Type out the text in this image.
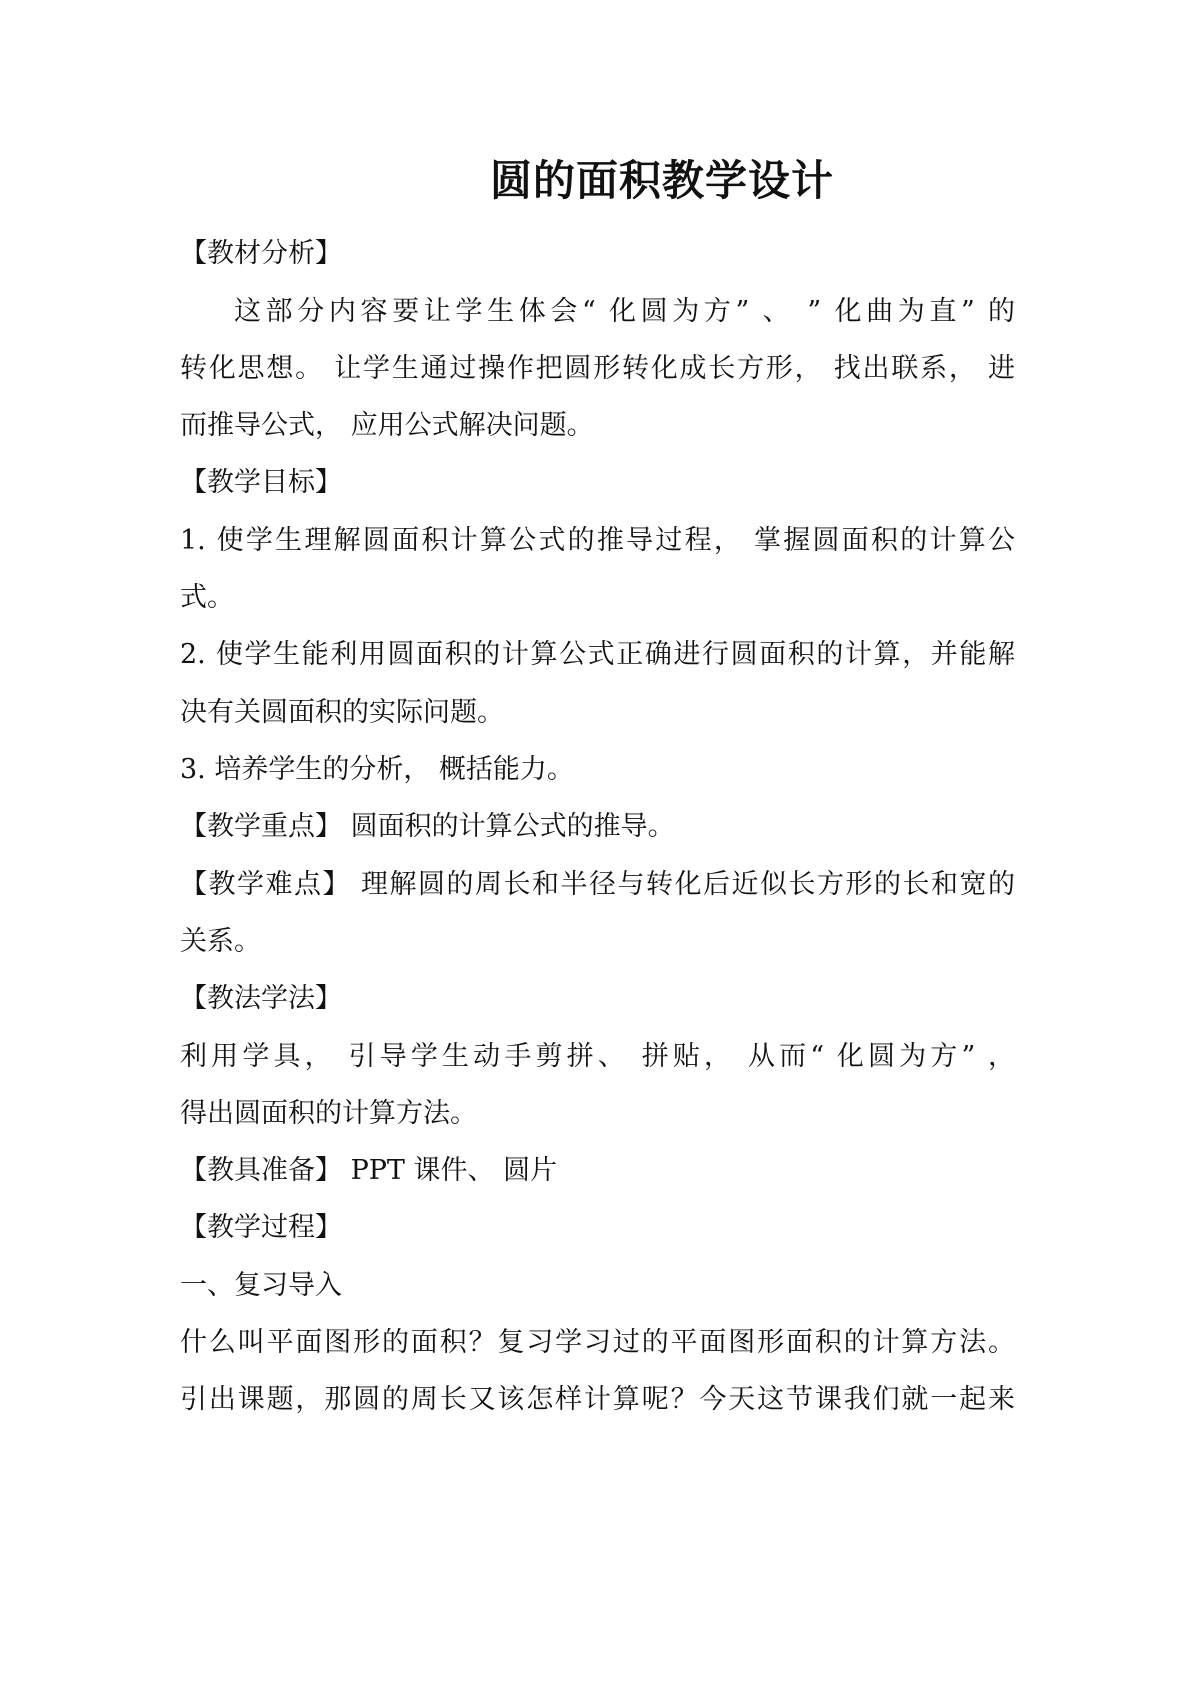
圆的面积教学设计
【教材分析】
这部分内容要让学生体会“ 化圆为方” 、 ” 化曲为直” 的
转化思想。 让学生通过操作把圆形转化成长方形， 找出联系， 进
而推导公式， 应用公式解决问题。
【教学目标】
1. 使学生理解圆面积计算公式的推导过程， 掌握圆面积的计算公
式。
2. 使学生能利用圆面积的计算公式正确进行圆面积的计算，并能解
决有关圆面积的实际问题。
3. 培养学生的分析， 概括能力。
【教学重点】 圆面积的计算公式的推导。
【教学难点】 理解圆的周长和半径与转化后近似长方形的长和宽的
关系。
【教法学法】
利用学具， 引导学生动手剪拼、 拼贴， 从而“ 化圆为方” ，
得出圆面积的计算方法。
【教具准备】 PPT 课件、 圆片
【教学过程】
一、复习导入
什么叫平面图形的面积？复习学习过的平面图形面积的计算方法。
引出课题，那圆的周长又该怎样计算呢？今天这节课我们就一起来
